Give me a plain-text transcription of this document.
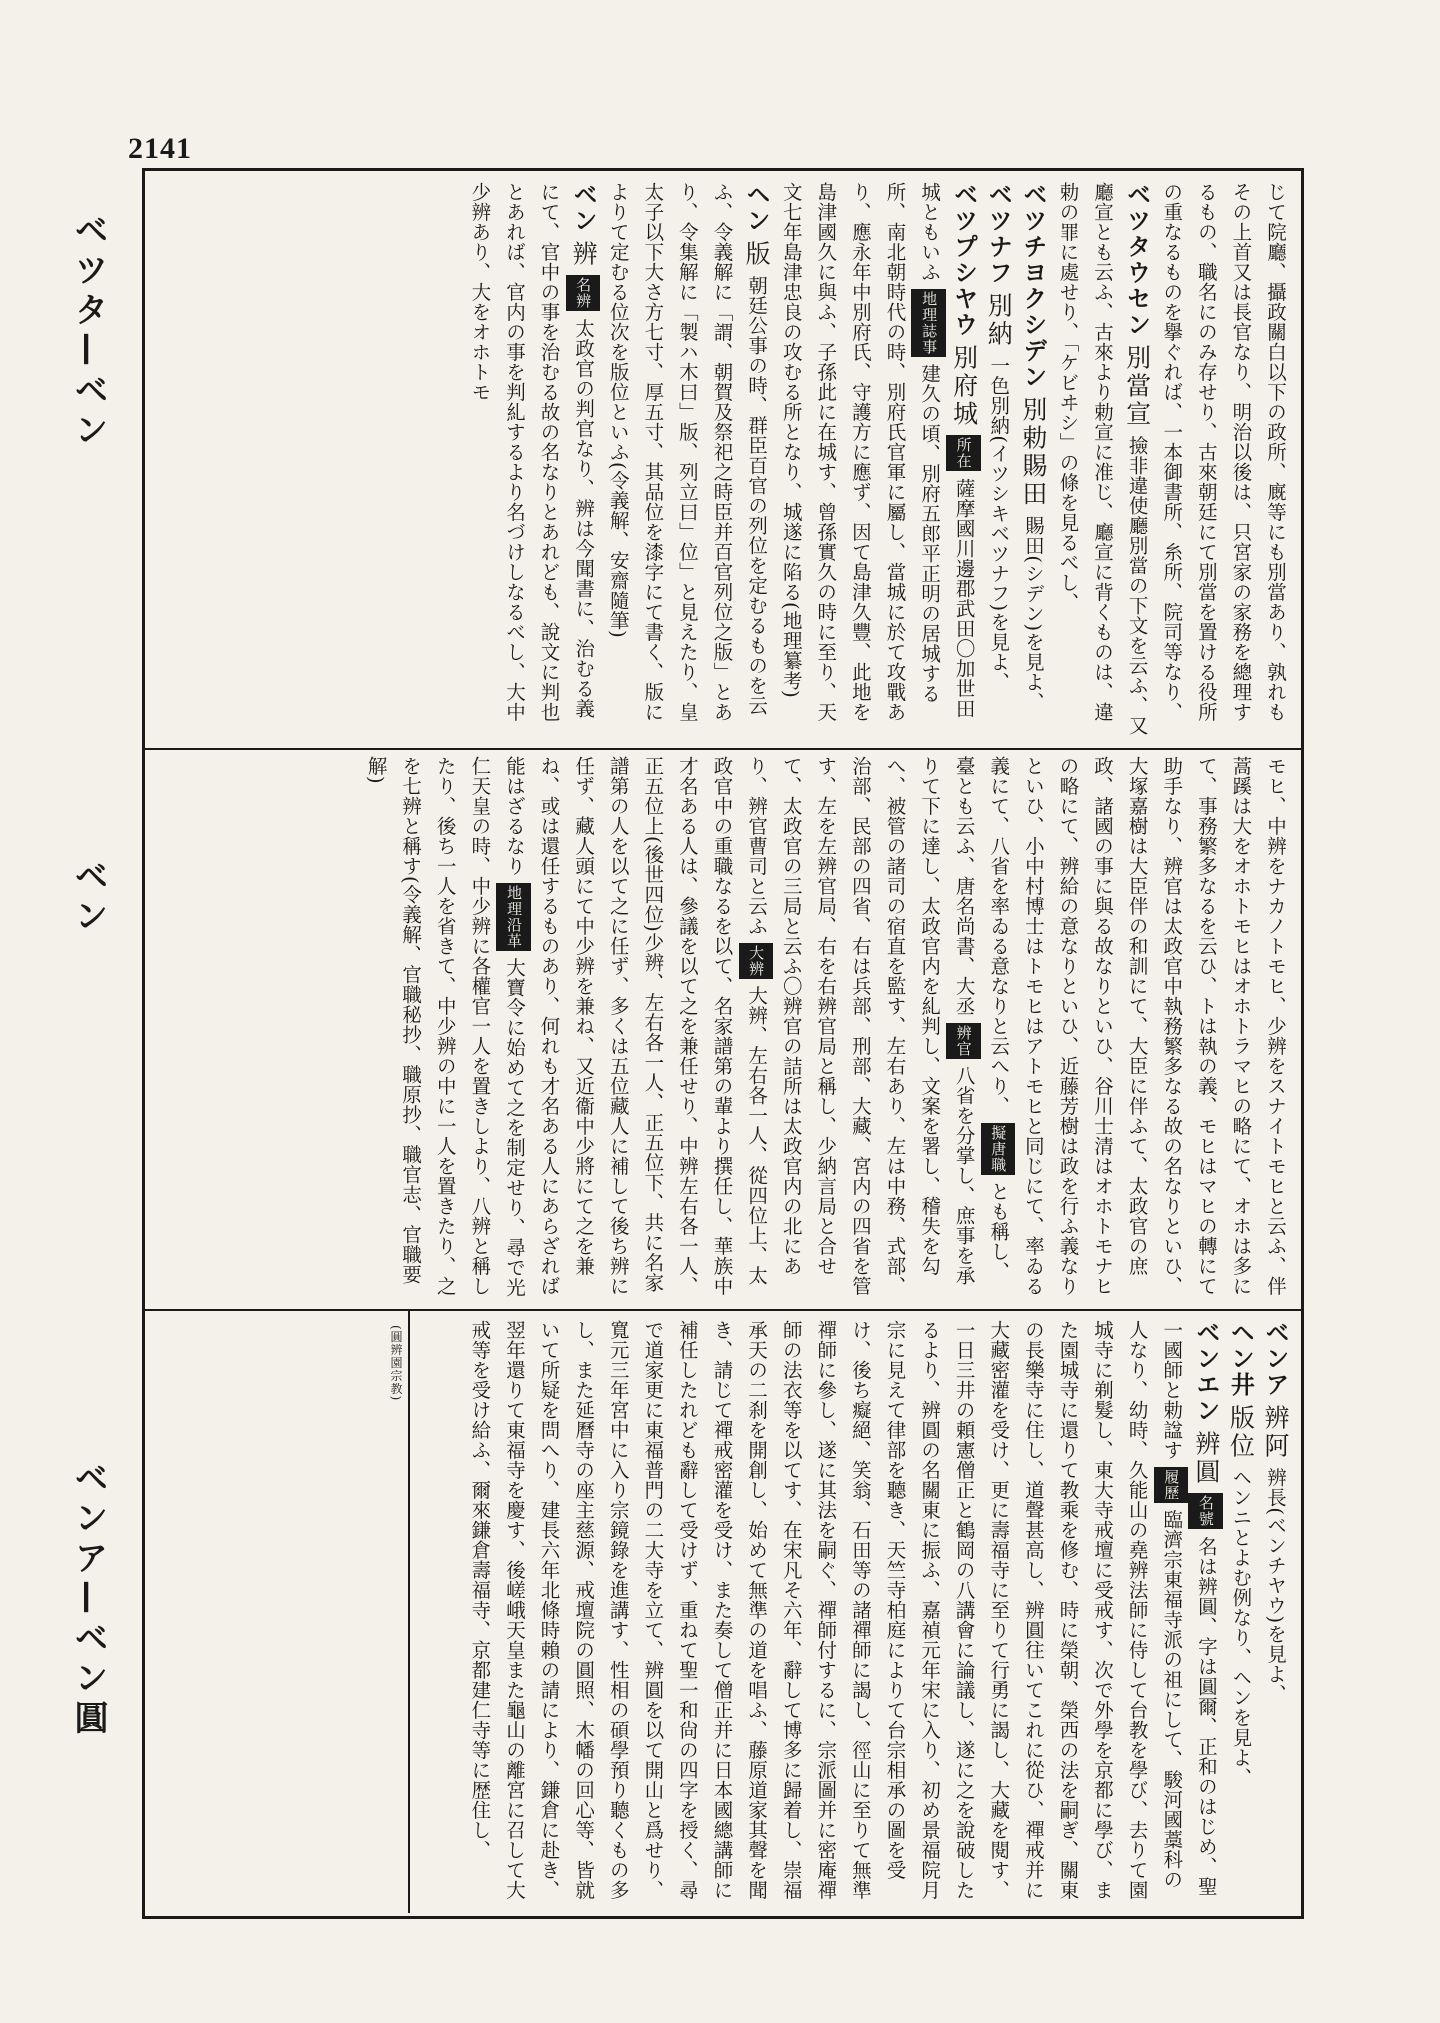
2141
ベツタ—ベン
ベン
ベンア—ベン圓

じて院廳、攝政關白以下の政所、廐等にも別當あり、孰れもその上首又は長官なり、明治以後は、只宮家の家務を總理するもの、職名にのみ存せり、古來朝廷にて別當を置ける役所の重なるものを擧ぐれば、一本御書所、糸所、院司等なり、

ベツタウセン 別當宣 撿非違使廳別當の下文を云ふ、又廳宣とも云ふ、古來より勅宣に准じ、廳宣に背くものは、違勅の罪に處せり、「ケビヰシ」の條を見るべし、

ベツチヨクシデン 別勅賜田 賜田(シデン)を見よ、

ベツナフ 別納 一色別納(イツシキベツナフ)を見よ、

ベツプシヤウ 別府城 所在 薩摩國川邊郡武田〇加世田城ともいふ 地理誌事 建久の頃、別府五郎平正明の居城する所、南北朝時代の時、別府氏官軍に屬し、當城に於て攻戰あり、應永年中別府氏、守護方に應ず、因て島津久豐、此地を島津國久に與ふ、子孫此に在城す、曾孫實久の時に至り、天文七年島津忠良の攻むる所となり、城遂に陷る(地理纂考)

ヘン 版 朝廷公事の時、群臣百官の列位を定むるものを云ふ、令義解に「謂、朝賀及祭祀之時臣并百官列位之版」とあり、令集解に「製ハ木曰」版、列立曰」位」と見えたり、皇太子以下大さ方七寸、厚五寸、其品位を漆字にて書く、版によりて定むる位次を版位といふ(令義解、安齋隨筆)

ベン 辨 名辨 太政官の判官なり、辨は今聞書に、治むる義にて、官中の事を治むる故の名なりとあれども、說文に判也とあれば、官内の事を判糺するより名づけしなるべし、大中少辨あり、大をオホトモ

モヒ、中辨をナカノトモヒ、少辨をスナイトモヒと云ふ、伴蒿蹊は大をオホトモヒはオホトラマヒの略にて、オホは多にて、事務繁多なるを云ひ、トは執の義、モヒはマヒの轉にて助手なり、辨官は太政官中執務繁多なる故の名なりといひ、大塚嘉樹は大臣伴の和訓にて、大臣に伴ふて、太政官の庶政、諸國の事に與る故なりといひ、谷川士清はオホトモナヒの略にて、辨給の意なりといひ、近藤芳樹は政を行ふ義なりといひ、小中村博士はトモヒはアトモヒと同じにて、率ゐる義にて、八省を率ゐる意なりと云へり、 擬唐職 とも稱し、 臺とも云ふ、唐名尚書、大丞 辨官 八省を分掌し、庶事を承りて下に達し、太政官内を糺判し、文案を署し、稽失を勾へ、被管の諸司の宿直を監す、左右あり、左は中務、式部、治部、民部の四省、右は兵部、刑部、大藏、宮内の四省を管す、左を左辨官局、右を右辨官局と稱し、少納言局と合せて、太政官の三局と云ふ〇辨官の詰所は太政官内の北にあり、辨官曹司と云ふ 大辨 大辨、左右各一人、從四位上、太政官中の重職なるを以て、名家譜第の輩より撰任し、華族中才名ある人は、參議を以て之を兼任せり、中辨左右各一人、正五位上(後世四位)少辨、左右各一人、正五位下、共に名家譜第の人を以て之に任ず、多くは五位藏人に補して後ち辨に任ず、藏人頭にて中少辨を兼ね、又近衞中少將にて之を兼ね、或は還任するものあり、何れも才名ある人にあらざれば能はざるなり 地理沿革 大寶令に始めて之を制定せり、尋で光仁天皇の時、中少辨に各權官一人を置きしより、八辨と稱したり、後ち一人を省きて、中少辨の中に一人を置きたり、之を七辨と稱す(令義解、官職秘抄、職原抄、職官志、官職要解)

(圓辨園宗教)	ベンア 辨阿 辨長(ベンチヤウ)を見よ、

ヘン井 版位 ヘンニとよむ例なり、ヘンを見よ、

ベンエン 辨圓 名號 名は辨圓、字は圓爾、正和のはじめ、聖一國師と勅諡す 履歷 臨濟宗東福寺派の祖にして、駿河國藁科の人なり、幼時、久能山の堯辨法師に侍して台教を學び、去りて園城寺に剃髮し、東大寺戒壇に受戒す、次で外學を京都に學び、また園城寺に還りて教乘を修む、時に榮朝、榮西の法を嗣ぎ、關東の長樂寺に住し、道聲甚高し、辨圓往いてこれに從ひ、禪戒并に大藏密灌を受け、更に壽福寺に至りて行勇に謁し、大藏を閱す、一日三井の頼憲僧正と鶴岡の八講會に論議し、遂に之を說破したるより、辨圓の名關東に振ふ、嘉禎元年宋に入り、初め景福院月宗に見えて律部を聽き、天竺寺柏庭によりて台宗相承の圖を受け、後ち癡絕、笑翁、石田等の諸禪師に謁し、徑山に至りて無準禪師に參し、遂に其法を嗣ぐ、禪師付するに、宗派圖并に密庵禪師の法衣等を以てす、在宋凡そ六年、辭して博多に歸着し、崇福承天の二刹を開創し、始めて無準の道を唱ふ、藤原道家其聲を聞き、請じて禪戒密灌を受け、また奏して僧正并に日本國總講師に補任したれども辭して受けず、重ねて聖一和尙の四字を授く、尋で道家更に東福普門の二大寺を立て、辨圓を以て開山と爲せり、寬元三年宮中に入り宗鏡錄を進講す、性相の碩學預り聽くもの多し、また延曆寺の座主慈源、戒壇院の圓照、木幡の回心等、皆就いて所疑を問へり、建長六年北條時賴の請により、鎌倉に赴き、翌年還りて東福寺を慶す、後嵯峨天皇また龜山の離宮に召して大戒等を受け給ふ、爾來鎌倉壽福寺、京都建仁寺等に歴住し、
